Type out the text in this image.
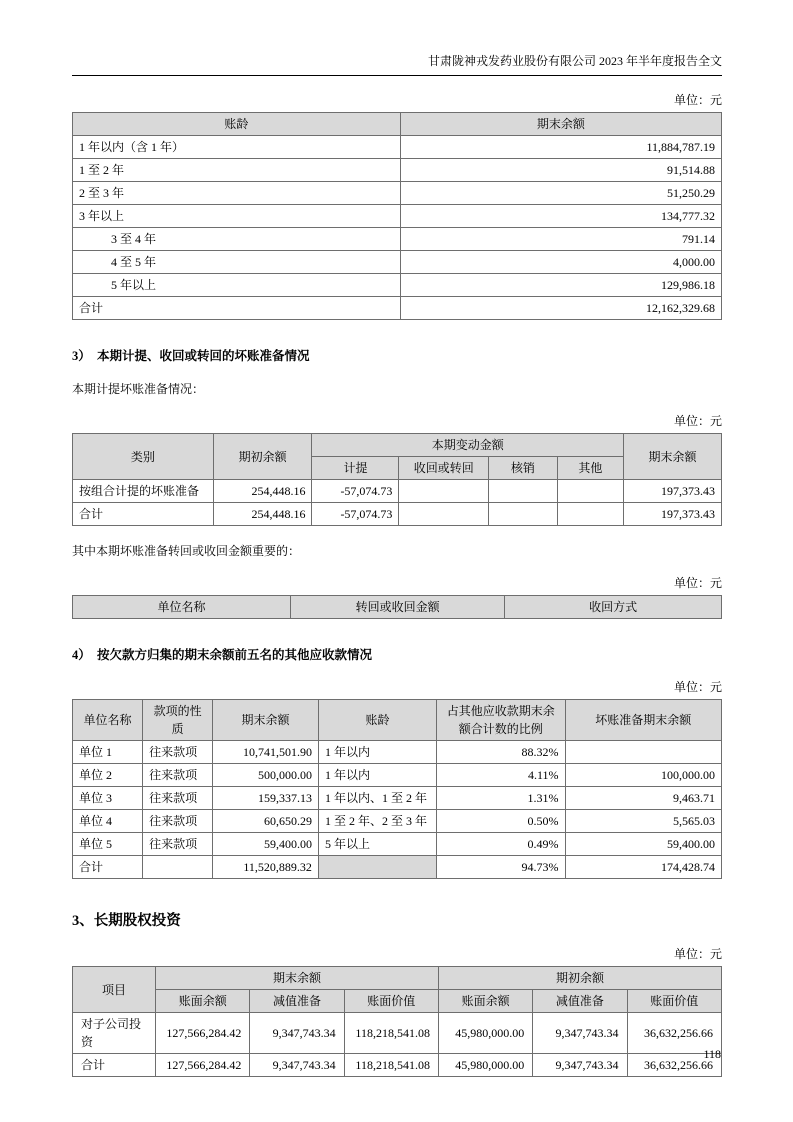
甘肃陇神戎发药业股份有限公司 2023 年半年度报告全文
单位：元
账龄	期末余额
1 年以内（含 1 年）	11,884,787.19
1 至 2 年	91,514.88
2 至 3 年	51,250.29
3 年以上	134,777.32
3 至 4 年	791.14
4 至 5 年	4,000.00
5 年以上	129,986.18
合计	12,162,329.68
3）  本期计提、收回或转回的坏账准备情况
本期计提坏账准备情况：
单位：元
类别	期初余额	本期变动金额				期末余额
		计提	收回或转回	核销	其他	
按组合计提的坏账准备	254,448.16	-57,074.73				197,373.43
合计	254,448.16	-57,074.73				197,373.43
其中本期坏账准备转回或收回金额重要的：
单位：元
单位名称	转回或收回金额	收回方式
4）  按欠款方归集的期末余额前五名的其他应收款情况
单位：元
单位名称	款项的性质	期末余额	账龄	占其他应收款期末余额合计数的比例	坏账准备期末余额
单位 1	往来款项	10,741,501.90	1 年以内	88.32%	
单位 2	往来款项	500,000.00	1 年以内	4.11%	100,000.00
单位 3	往来款项	159,337.13	1 年以内、1 至 2 年	1.31%	9,463.71
单位 4	往来款项	60,650.29	1 至 2 年、2 至 3 年	0.50%	5,565.03
单位 5	往来款项	59,400.00	5 年以上	0.49%	59,400.00
合计		11,520,889.32		94.73%	174,428.74
3、长期股权投资
单位：元
项目	期末余额			期初余额		
	账面余额	减值准备	账面价值	账面余额	减值准备	账面价值
对子公司投资	127,566,284.42	9,347,743.34	118,218,541.08	45,980,000.00	9,347,743.34	36,632,256.66
合计	127,566,284.42	9,347,743.34	118,218,541.08	45,980,000.00	9,347,743.34	36,632,256.66
118
